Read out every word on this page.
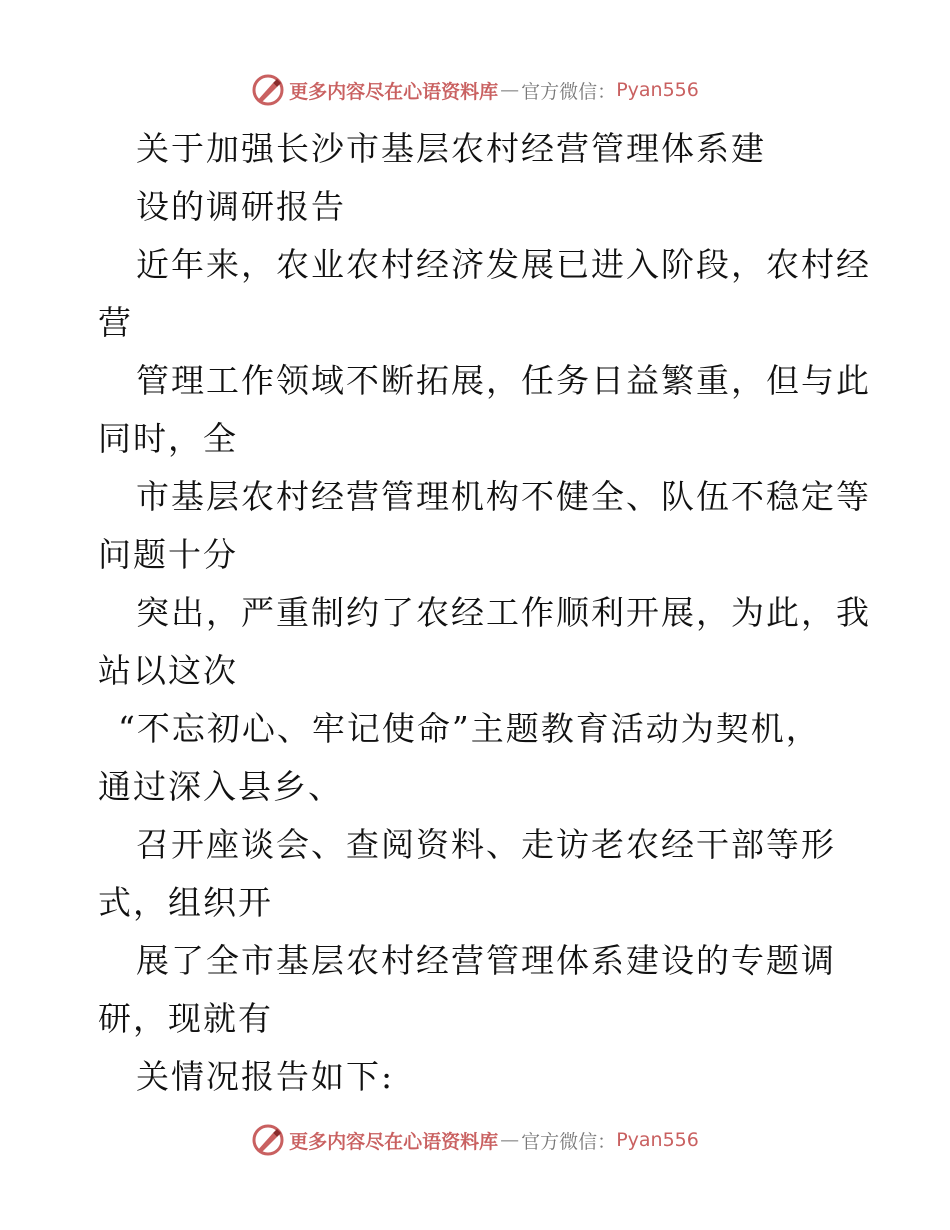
更多内容尽在心语资料库 — 官方微信： Pyan556
关于加强长沙市基层农村经营管理体系建
设的调研报告
近年来，农业农村经济发展已进入阶段，农村经
营
管理工作领域不断拓展，任务日益繁重，但与此
同时，全
市基层农村经营管理机构不健全、队伍不稳定等
问题十分
突出，严重制约了农经工作顺利开展，为此，我
站以这次
“不忘初心、牢记使命”主题教育活动为契机，
通过深入县乡、
召开座谈会、查阅资料、走访老农经干部等形
式，组织开
展了全市基层农村经营管理体系建设的专题调
研，现就有
关情况报告如下:
更多内容尽在心语资料库 — 官方微信： Pyan556
